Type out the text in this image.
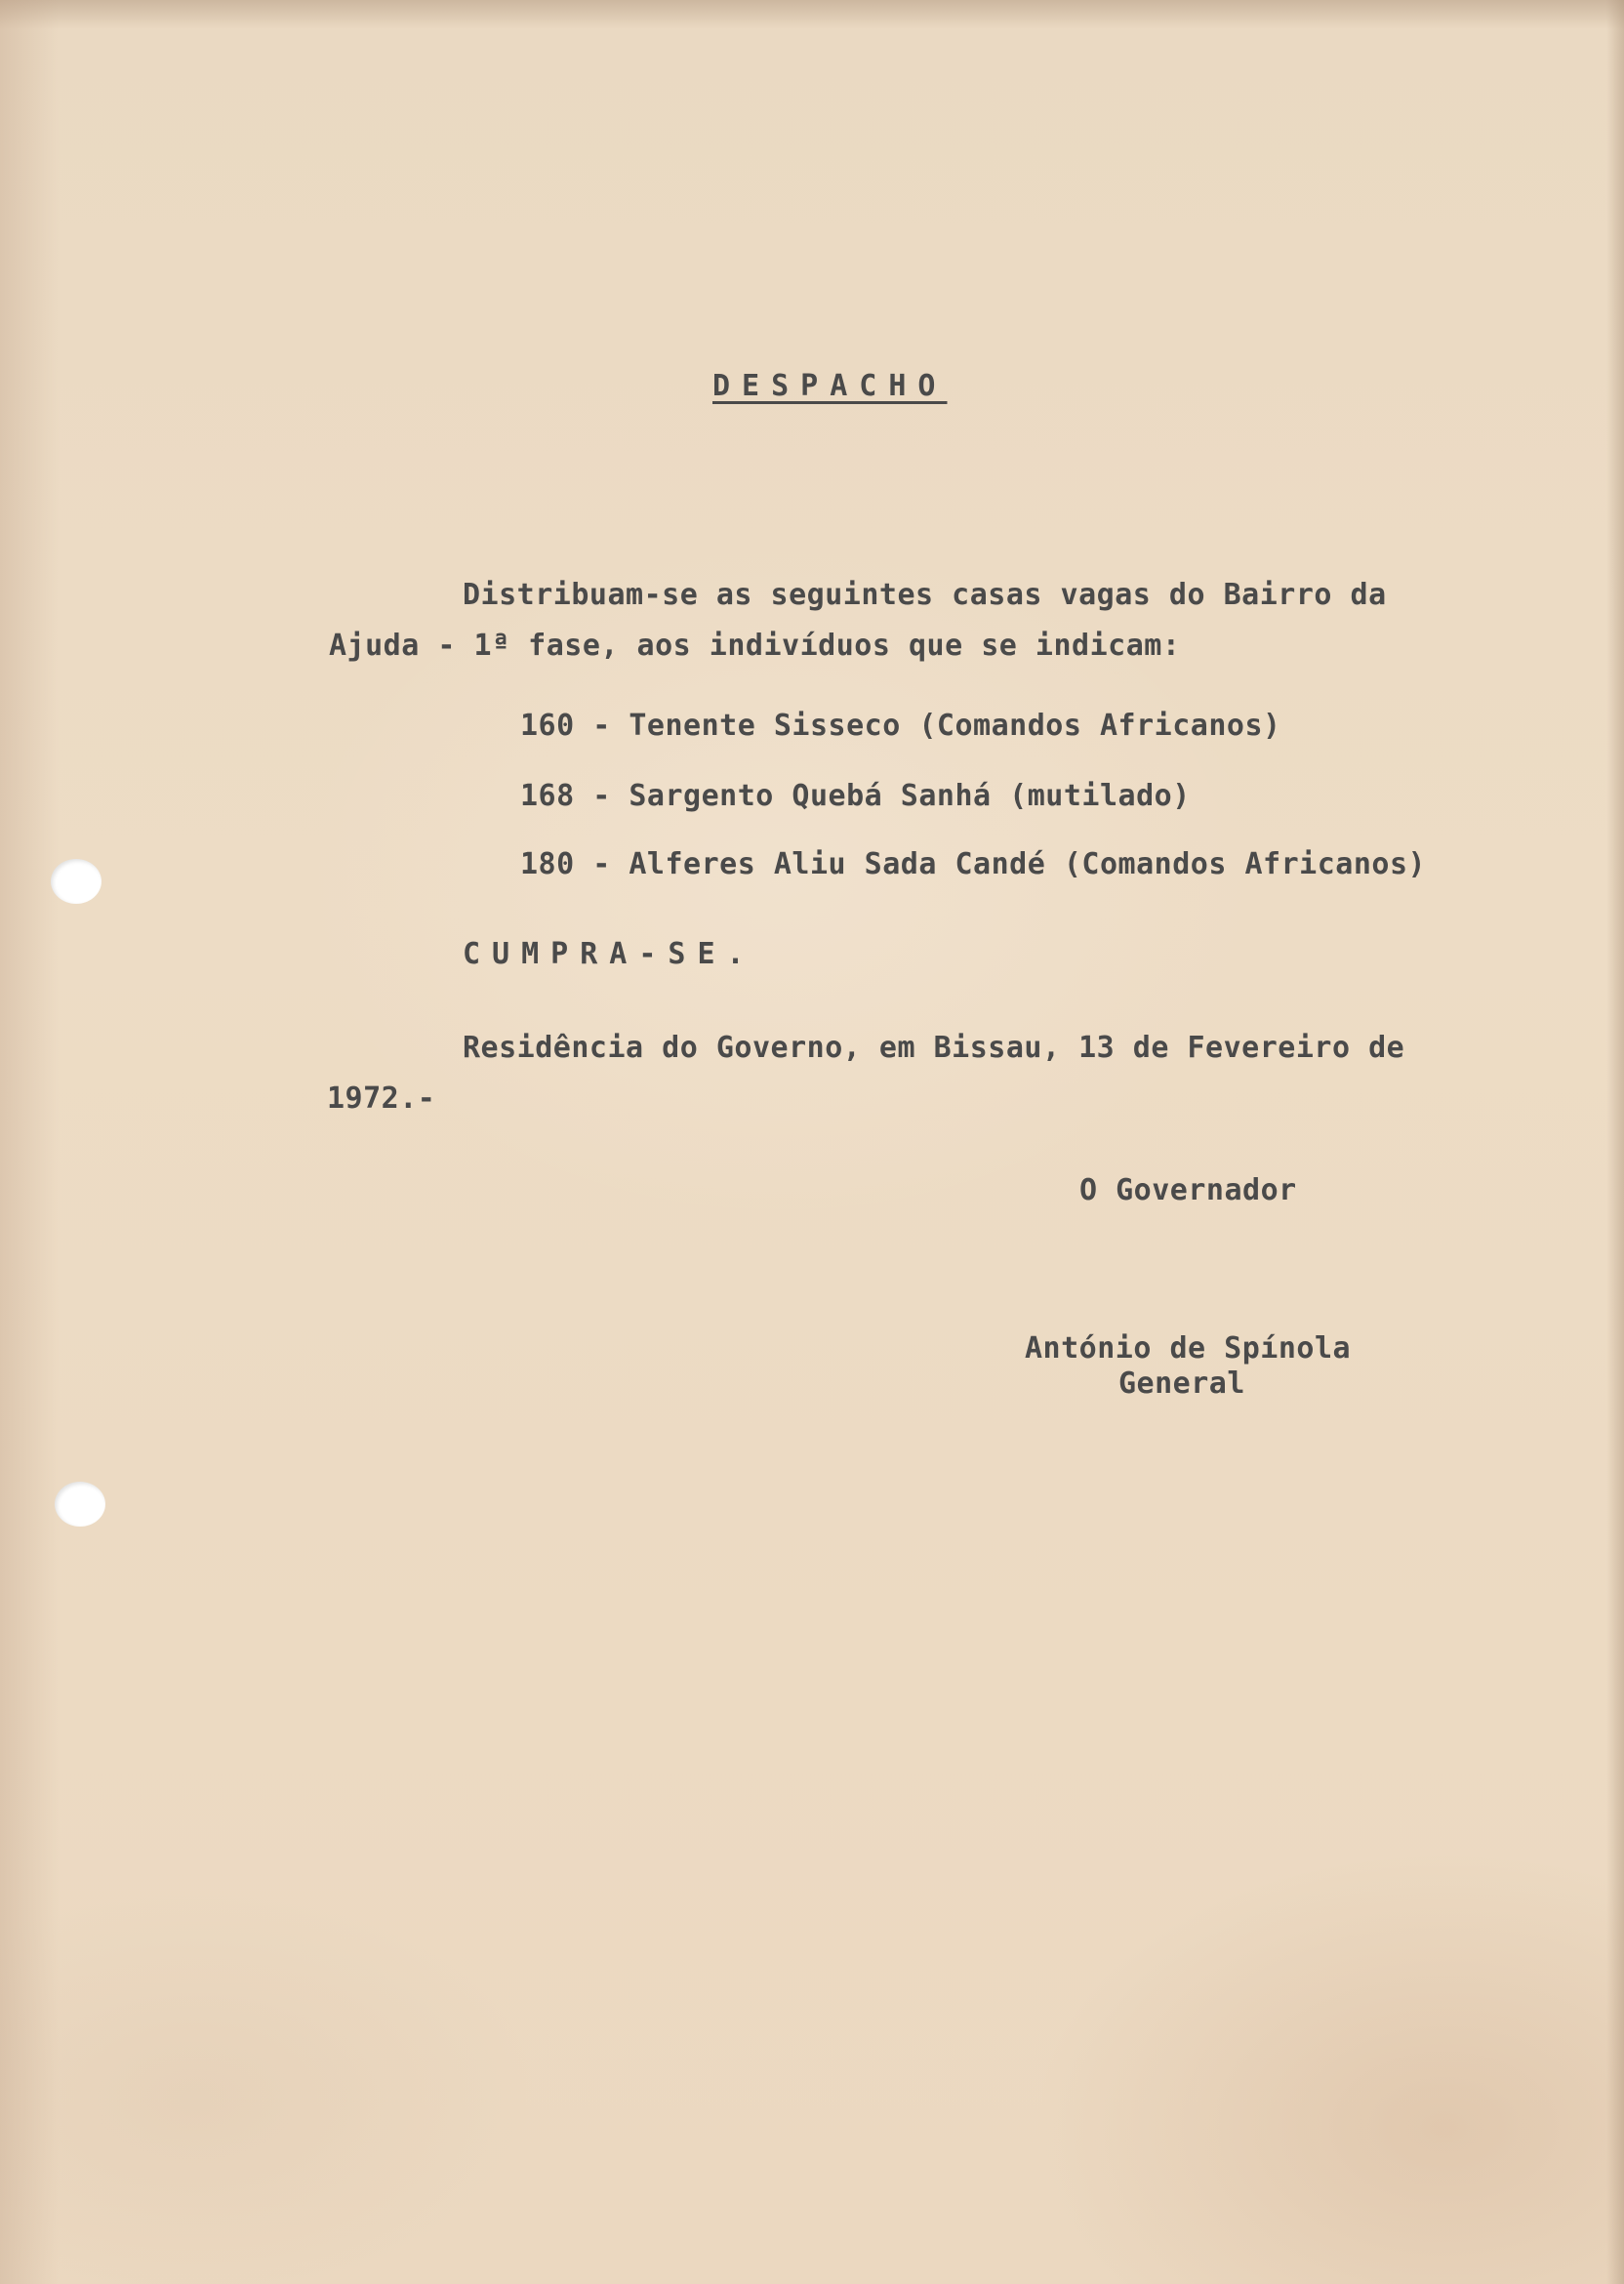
DESPACHO
Distribuam-se as seguintes casas vagas do Bairro da
Ajuda - 1ª fase, aos indivíduos que se indicam:
160 - Tenente Sisseco (Comandos Africanos)
168 - Sargento Quebá Sanhá (mutilado)
180 - Alferes Aliu Sada Candé (Comandos Africanos)
CUMPRA-SE.
Residência do Governo, em Bissau, 13 de Fevereiro de
1972.-
O Governador
António de Spínola
General
